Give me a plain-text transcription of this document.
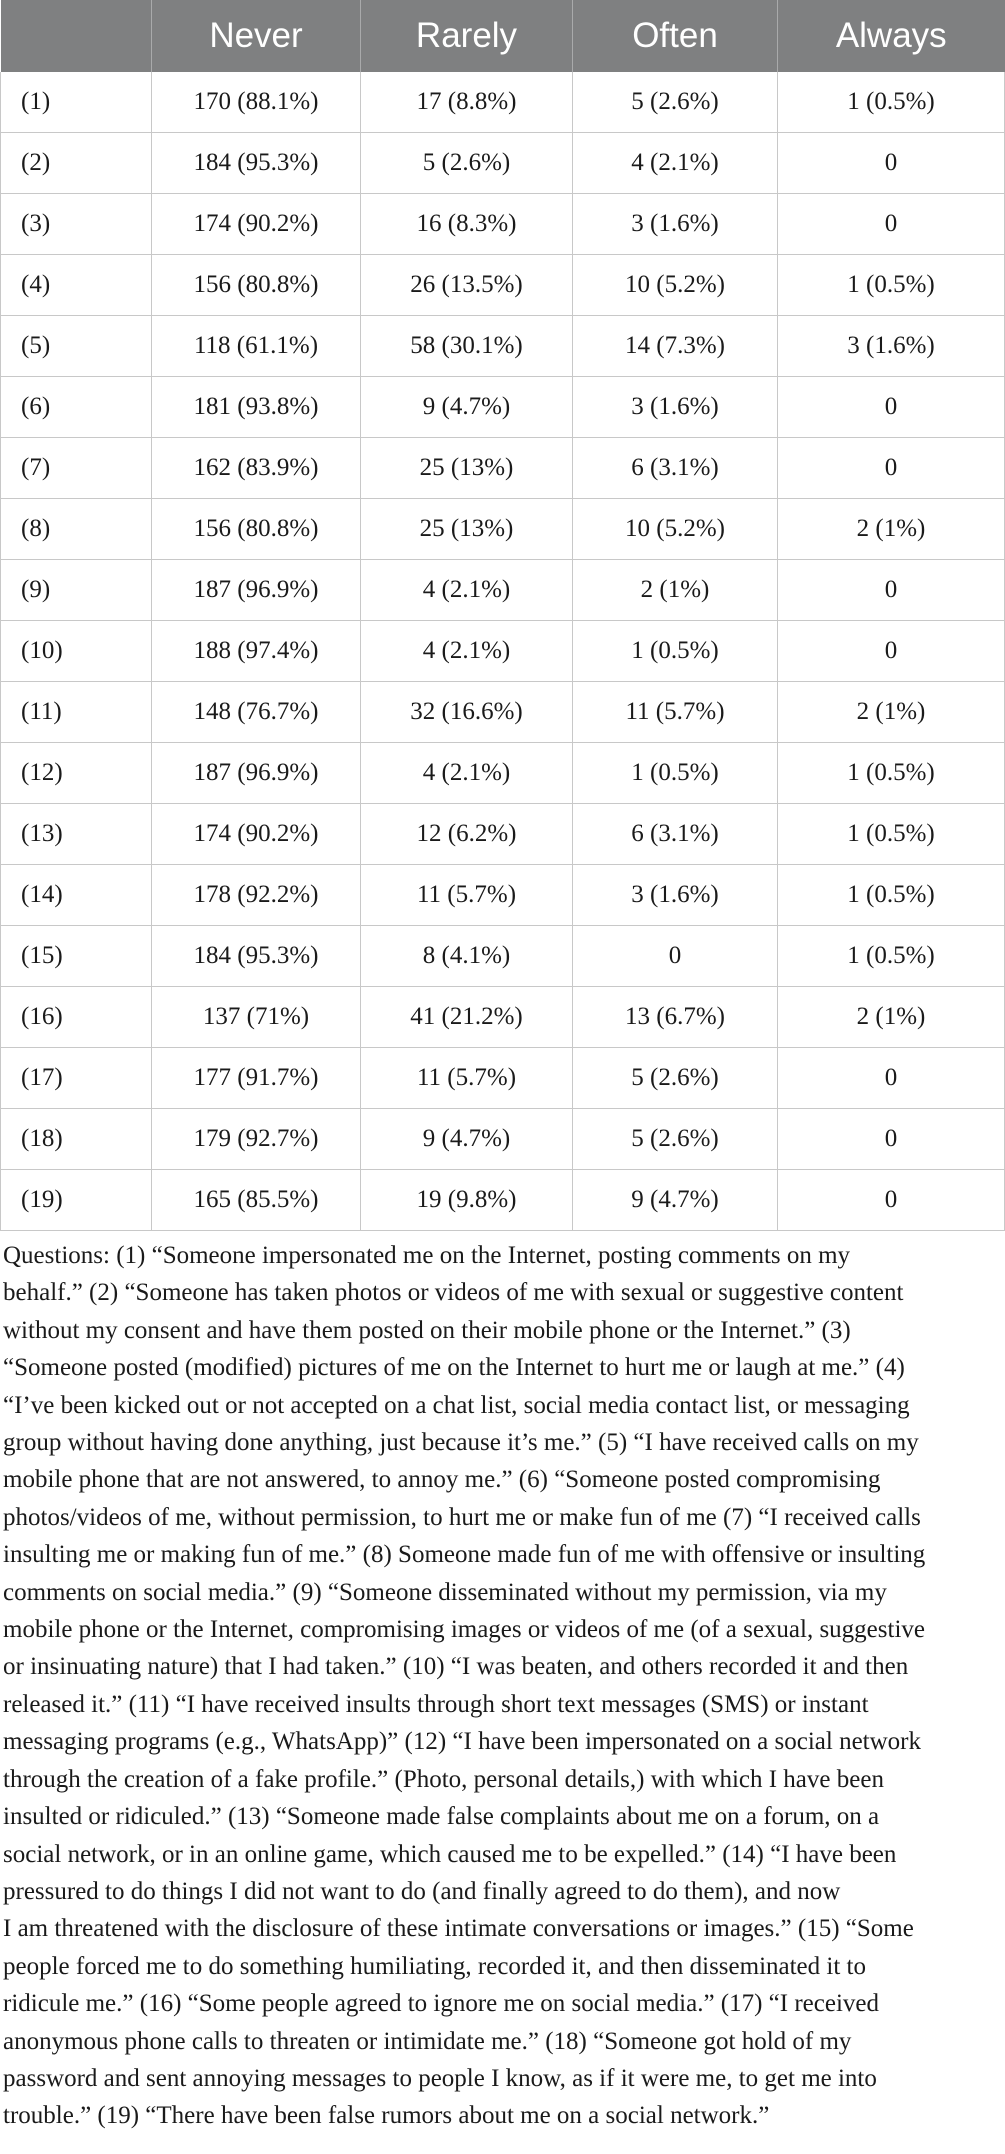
	Never	Rarely	Often	Always
(1)	170 (88.1%)	17 (8.8%)	5 (2.6%)	1 (0.5%)
(2)	184 (95.3%)	5 (2.6%)	4 (2.1%)	0
(3)	174 (90.2%)	16 (8.3%)	3 (1.6%)	0
(4)	156 (80.8%)	26 (13.5%)	10 (5.2%)	1 (0.5%)
(5)	118 (61.1%)	58 (30.1%)	14 (7.3%)	3 (1.6%)
(6)	181 (93.8%)	9 (4.7%)	3 (1.6%)	0
(7)	162 (83.9%)	25 (13%)	6 (3.1%)	0
(8)	156 (80.8%)	25 (13%)	10 (5.2%)	2 (1%)
(9)	187 (96.9%)	4 (2.1%)	2 (1%)	0
(10)	188 (97.4%)	4 (2.1%)	1 (0.5%)	0
(11)	148 (76.7%)	32 (16.6%)	11 (5.7%)	2 (1%)
(12)	187 (96.9%)	4 (2.1%)	1 (0.5%)	1 (0.5%)
(13)	174 (90.2%)	12 (6.2%)	6 (3.1%)	1 (0.5%)
(14)	178 (92.2%)	11 (5.7%)	3 (1.6%)	1 (0.5%)
(15)	184 (95.3%)	8 (4.1%)	0	1 (0.5%)
(16)	137 (71%)	41 (21.2%)	13 (6.7%)	2 (1%)
(17)	177 (91.7%)	11 (5.7%)	5 (2.6%)	0
(18)	179 (92.7%)	9 (4.7%)	5 (2.6%)	0
(19)	165 (85.5%)	19 (9.8%)	9 (4.7%)	0
Questions: (1) “Someone impersonated me on the Internet, posting comments on my
behalf.” (2) “Someone has taken photos or videos of me with sexual or suggestive content
without my consent and have them posted on their mobile phone or the Internet.” (3)
“Someone posted (modified) pictures of me on the Internet to hurt me or laugh at me.” (4)
“I’ve been kicked out or not accepted on a chat list, social media contact list, or messaging
group without having done anything, just because it’s me.” (5) “I have received calls on my
mobile phone that are not answered, to annoy me.” (6) “Someone posted compromising
photos/videos of me, without permission, to hurt me or make fun of me (7) “I received calls
insulting me or making fun of me.” (8) Someone made fun of me with offensive or insulting
comments on social media.” (9) “Someone disseminated without my permission, via my
mobile phone or the Internet, compromising images or videos of me (of a sexual, suggestive
or insinuating nature) that I had taken.” (10) “I was beaten, and others recorded it and then
released it.” (11) “I have received insults through short text messages (SMS) or instant
messaging programs (e.g., WhatsApp)” (12) “I have been impersonated on a social network
through the creation of a fake profile.” (Photo, personal details,) with which I have been
insulted or ridiculed.” (13) “Someone made false complaints about me on a forum, on a
social network, or in an online game, which caused me to be expelled.” (14) “I have been
pressured to do things I did not want to do (and finally agreed to do them), and now
I am threatened with the disclosure of these intimate conversations or images.” (15) “Some
people forced me to do something humiliating, recorded it, and then disseminated it to
ridicule me.” (16) “Some people agreed to ignore me on social media.” (17) “I received
anonymous phone calls to threaten or intimidate me.” (18) “Someone got hold of my
password and sent annoying messages to people I know, as if it were me, to get me into
trouble.” (19) “There have been false rumors about me on a social network.”
